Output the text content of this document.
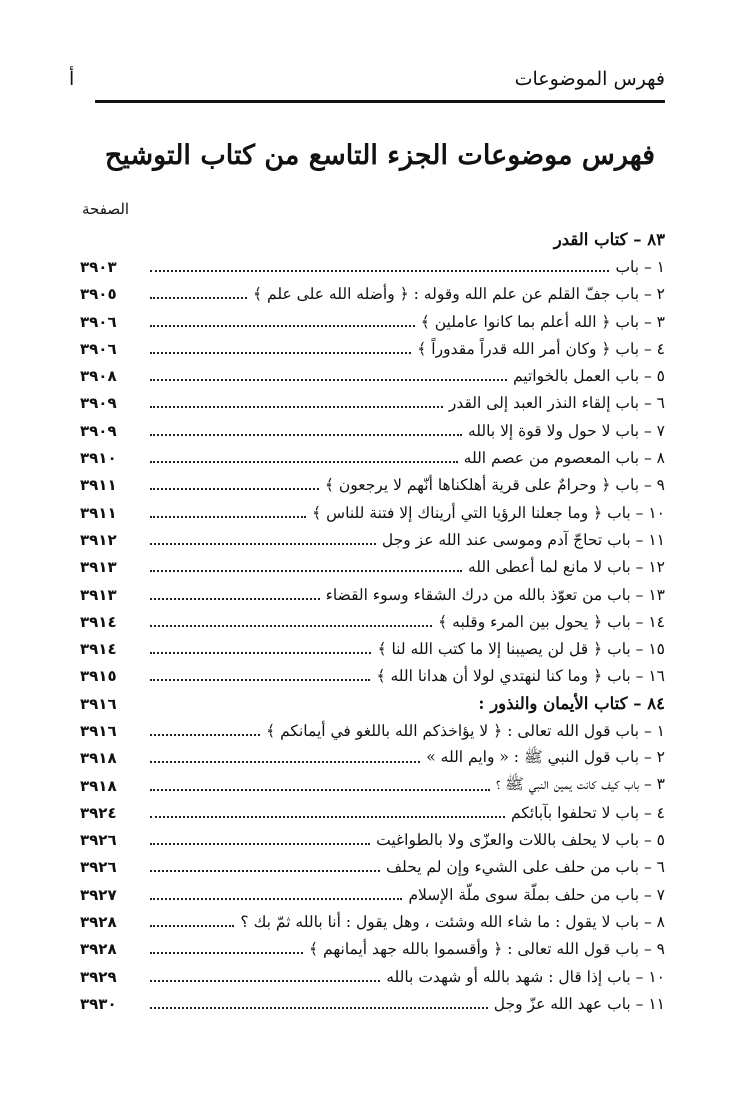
فهرس الموضوعات
أ
فهرس موضوعات الجزء التاسع من كتاب التوشيح
الصفحة
٨٣ – كتاب القدر
١ – باب
٣٩٠٣
٢ – باب جفّ القلم عن علم الله وقوله : ﴿ وأضله الله على علم ﴾
٣٩٠٥
٣ – باب ﴿ الله أعلم بما كانوا عاملين ﴾
٣٩٠٦
٤ – باب ﴿ وكان أمر الله قدراً مقدوراً ﴾
٣٩٠٦
٥ – باب العمل بالخواتيم
٣٩٠٨
٦ – باب إلقاء النذر العبد إلى القدر
٣٩٠٩
٧ – باب لا حول ولا قوة إلا بالله
٣٩٠٩
٨ – باب المعصوم من عصم الله
٣٩١٠
٩ – باب ﴿ وحرامٌ على قرية أهلكناها أنّهم لا يرجعون ﴾
٣٩١١
١٠ – باب ﴿ وما جعلنا الرؤيا التي أريناك إلا فتنة للناس ﴾
٣٩١١
١١ – باب تحاجّ آدم وموسى عند الله عز وجل
٣٩١٢
١٢ – باب لا مانع لما أعطى الله
٣٩١٣
١٣ – باب من تعوّذ بالله من درك الشقاء وسوء القضاء
٣٩١٣
١٤ – باب ﴿ يحول بين المرء وقلبه ﴾
٣٩١٤
١٥ – باب ﴿ قل لن يصيبنا إلا ما كتب الله لنا ﴾
٣٩١٤
١٦ – باب ﴿ وما كنا لنهتدي لولا أن هدانا الله ﴾
٣٩١٥
٨٤ – كتاب الأيمان والنذور :
٣٩١٦
١ – باب قول الله تعالى : ﴿ لا يؤاخذكم الله باللغو في أيمانكم ﴾
٣٩١٦
٢ – باب قول النبي ﷺ : « وايم الله »
٣٩١٨
٣ – باب كيف كانت يمين النبي ﷺ ؟
٣٩١٨
٤ – باب لا تحلفوا بآبائكم
٣٩٢٤
٥ – باب لا يحلف باللات والعزّى ولا بالطواغيت
٣٩٢٦
٦ – باب من حلف على الشيء وإن لم يحلف
٣٩٢٦
٧ – باب من حلف بملّة سوى ملّة الإسلام
٣٩٢٧
٨ – باب لا يقول : ما شاء الله وشئت ، وهل يقول : أنا بالله ثمّ بك ؟
٣٩٢٨
٩ – باب قول الله تعالى : ﴿ وأقسموا بالله جهد أيمانهم ﴾
٣٩٢٨
١٠ – باب إذا قال : شهد بالله أو شهدت بالله
٣٩٢٩
١١ – باب عهد الله عزّ وجل
٣٩٣٠
